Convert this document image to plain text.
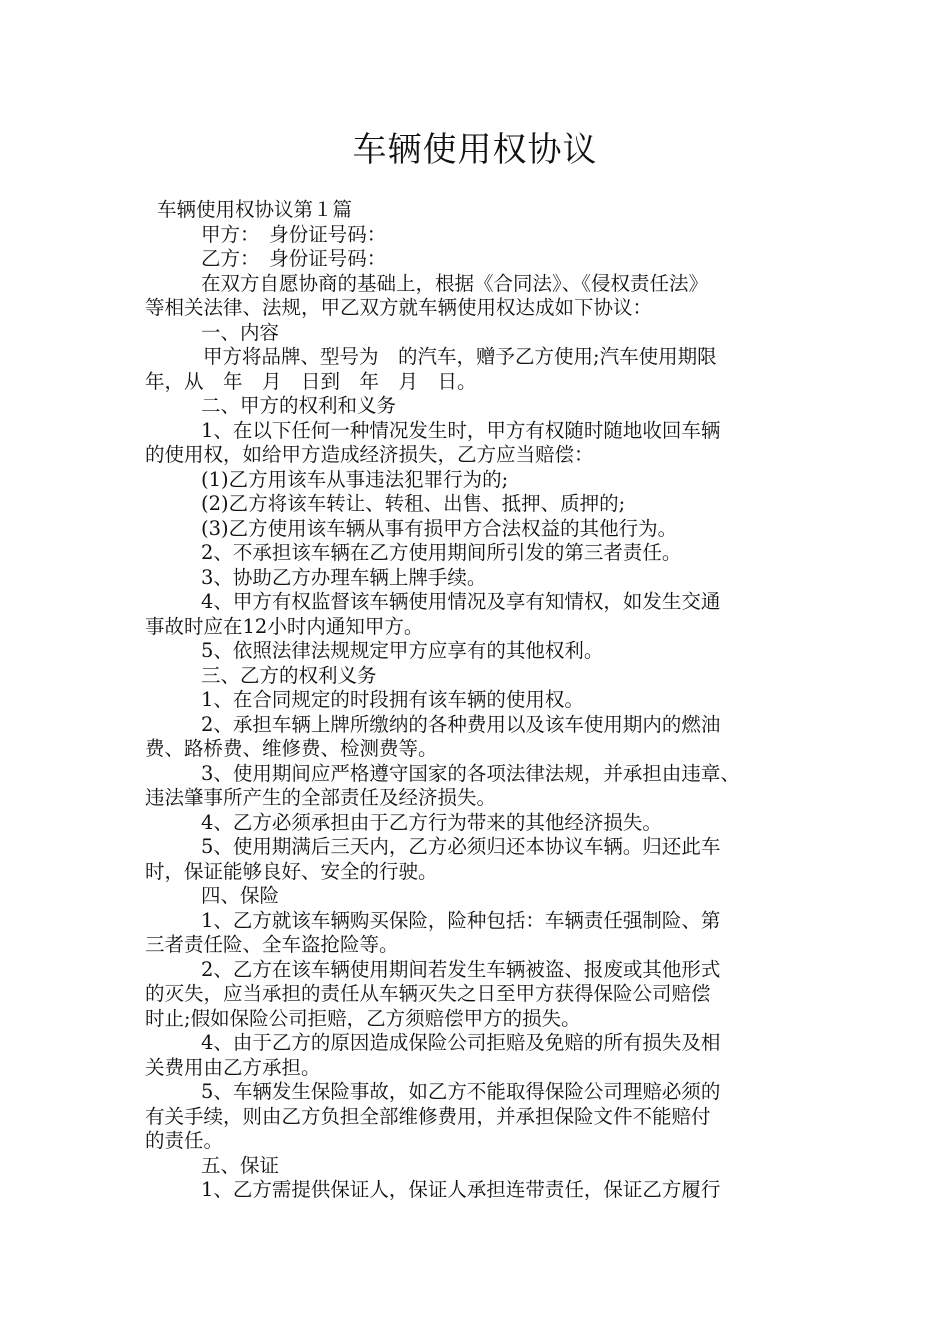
车辆使用权协议

车辆使用权协议第１篇

甲方：　身份证号码：

乙方：　身份证号码：

在双方自愿协商的基础上，根据《合同法》、《侵权责任法》

等相关法律、法规，甲乙双方就车辆使用权达成如下协议：

一、内容

甲方将品牌、型号为　的汽车，赠予乙方使用;汽车使用期限

年，从　年　月　日到　年　月　日。

二、甲方的权利和义务

1、在以下任何一种情况发生时，甲方有权随时随地收回车辆

的使用权，如给甲方造成经济损失，乙方应当赔偿：

(1)乙方用该车从事违法犯罪行为的;

(2)乙方将该车转让、转租、出售、抵押、质押的;

(3)乙方使用该车辆从事有损甲方合法权益的其他行为。

2、不承担该车辆在乙方使用期间所引发的第三者责任。

3、协助乙方办理车辆上牌手续。

4、甲方有权监督该车辆使用情况及享有知情权，如发生交通

事故时应在12小时内通知甲方。

5、依照法律法规规定甲方应享有的其他权利。

三、乙方的权利义务

1、在合同规定的时段拥有该车辆的使用权。

2、承担车辆上牌所缴纳的各种费用以及该车使用期内的燃油

费、路桥费、维修费、检测费等。

3、使用期间应严格遵守国家的各项法律法规，并承担由违章、

违法肇事所产生的全部责任及经济损失。

4、乙方必须承担由于乙方行为带来的其他经济损失。

5、使用期满后三天内，乙方必须归还本协议车辆。归还此车

时，保证能够良好、安全的行驶。

四、保险

1、乙方就该车辆购买保险，险种包括：车辆责任强制险、第

三者责任险、全车盗抢险等。

2、乙方在该车辆使用期间若发生车辆被盗、报废或其他形式

的灭失，应当承担的责任从车辆灭失之日至甲方获得保险公司赔偿

时止;假如保险公司拒赔，乙方须赔偿甲方的损失。

4、由于乙方的原因造成保险公司拒赔及免赔的所有损失及相

关费用由乙方承担。

5、车辆发生保险事故，如乙方不能取得保险公司理赔必须的

有关手续，则由乙方负担全部维修费用，并承担保险文件不能赔付

的责任。

五、保证

1、乙方需提供保证人，保证人承担连带责任，保证乙方履行
